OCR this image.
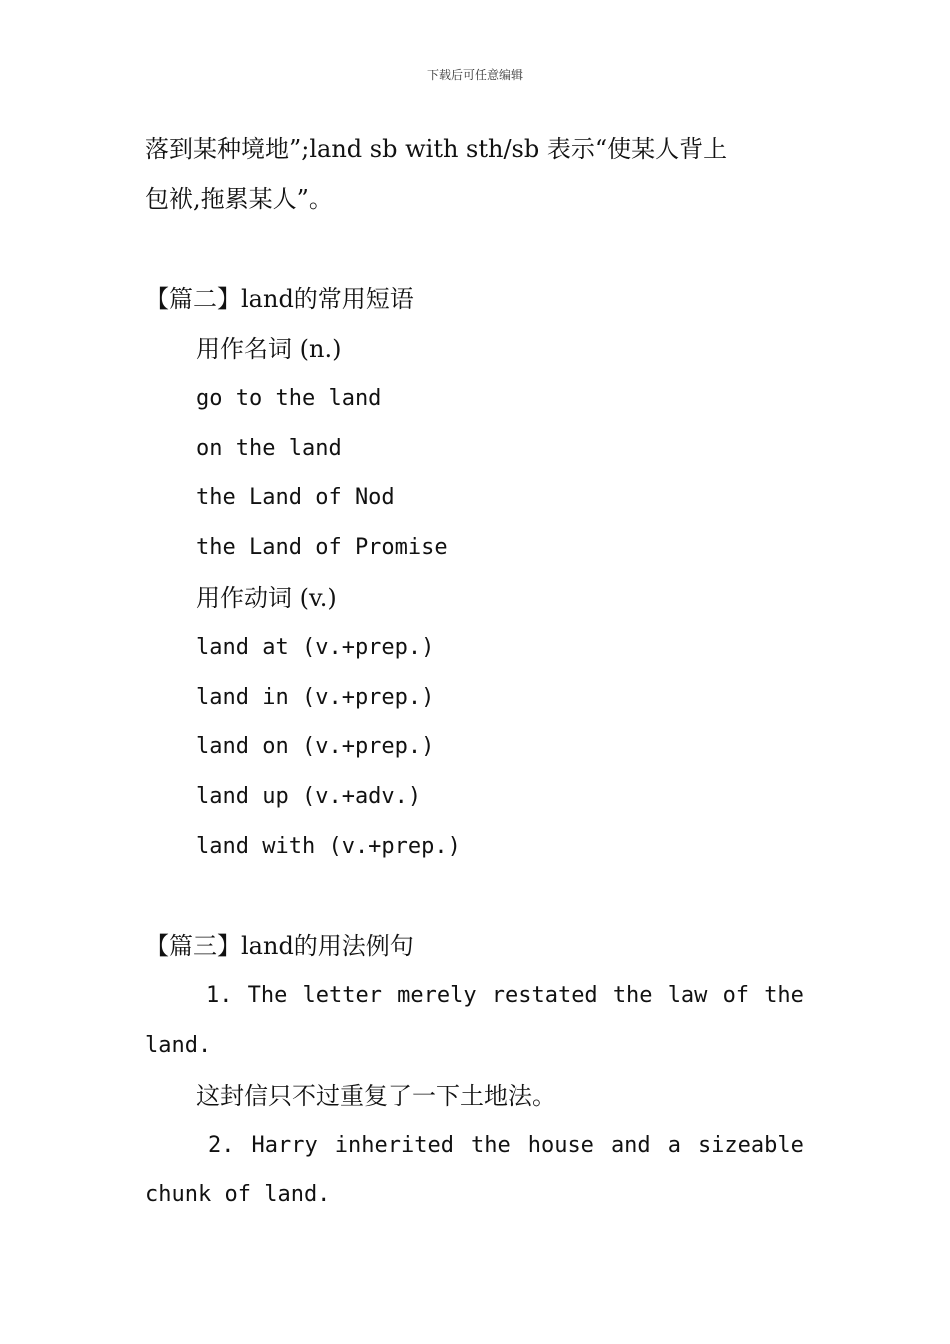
下载后可任意编辑
落到某种境地”;land sb with sth/sb 表示“使某人背上
包袱,拖累某人”。
【篇二】land的常用短语
用作名词 (n.)
go to the land
on the land
the Land of Nod
the Land of Promise
用作动词 (v.)
land at (v.+prep.)
land in (v.+prep.)
land on (v.+prep.)
land up (v.+adv.)
land with (v.+prep.)
【篇三】land的用法例句
1. The letter merely restated the law of the
land.
这封信只不过重复了一下土地法。
2. Harry inherited the house and a sizeable
chunk of land.
